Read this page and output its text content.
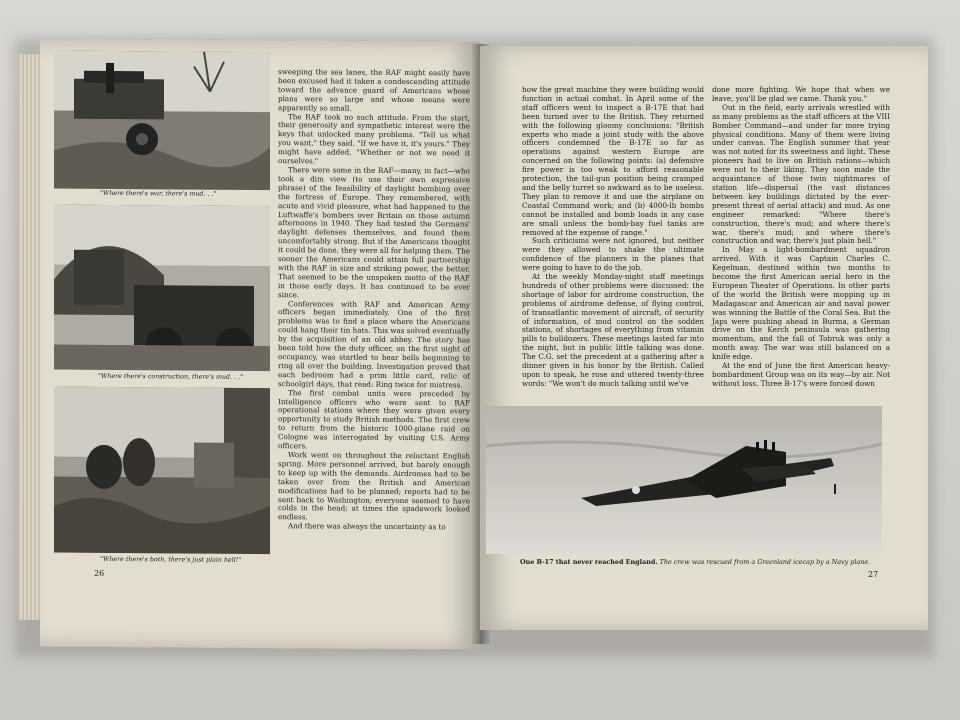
"Where there's war, there's mud. . ."
"Where there's construction, there's mud. . ."
"Where there's both, there's just plain hell!"

sweeping the sea lanes, the RAF might easily have been excused had it taken a condescending attitude toward the advance guard of Americans whose plans were so large and whose means were apparently so small.

The RAF took no such attitude. From the start, their generosity and sympathetic interest were the keys that unlocked many problems. "Tell us what you want," they said. "If we have it, it's yours." They might have added, "Whether or not we need it ourselves."

There were some in the RAF—many, in fact—who took a dim view (to use their own expressive phrase) of the feasibility of daylight bombing over the fortress of Europe. They remembered, with acute and vivid pleasure, what had happened to the Luftwaffe's bombers over Britain on those autumn afternoons in 1940. They had tested the Germans' daylight defenses themselves, and found them uncomfortably strong. But if the Americans thought it could be done, they were all for helping them. The sooner the Americans could attain full partnership with the RAF in size and striking power, the better. That seemed to be the unspoken motto of the RAF in those early days. It has continued to be ever since.

Conferences with RAF and American Army officers began immediately. One of the first problems was to find a place where the Americans could hang their tin hats. This was solved eventually by the acquisition of an old abbey. The story has been told how the duty officer, on the first night of occupancy, was startled to hear bells beginning to ring all over the building. Investigation proved that each bedroom had a prim little card, relic of schoolgirl days, that read: Ring twice for mistress.

The first combat units were preceded by Intelligence officers who were sent to RAF operational stations where they were given every opportunity to study British methods. The first crew to return from the historic 1000-plane raid on Cologne was interrogated by visiting U.S. Army officers.

Work went on throughout the reluctant English spring. More personnel arrived, but barely enough to keep up with the demands. Airdromes had to be taken over from the British and American modifications had to be planned; reports had to be sent back to Washington; everyone seemed to have colds in the head; at times the spadework looked endless.

And there was always the uncertainty as to

26

how the great machine they were building would function in actual combat. In April some of the staff officers went to inspect a B-17E that had been turned over to the British. They returned with the following gloomy conclusions: "British experts who made a joint study with the above officers condemned the B-17E so far as operations against western Europe are concerned on the following points: (a) defensive fire power is too weak to afford reasonable protection, the tail-gun position being cramped and the belly turret so awkward as to be useless. They plan to remove it and use the airplane on Coastal Command work; and (b) 4000-lb bombs cannot be installed and bomb loads in any case are small unless the bomb-bay fuel tanks are removed at the expense of range."

Such criticisms were not ignored, but neither were they allowed to shake the ultimate confidence of the planners in the planes that were going to have to do the job.

At the weekly Monday-night staff meetings hundreds of other problems were discussed: the shortage of labor for airdrome construction, the problems of airdrome defense, of flying control, of transatlantic movement of aircraft, of security of information, of mud control on the sodden stations, of shortages of everything from vitamin pills to bulldozers. These meetings lasted far into the night, but in public little talking was done. The C.G. set the precedent at a gathering after a dinner given in his honor by the British. Called upon to speak, he rose and uttered twenty-three words: "We won't do much talking until we've

done more fighting. We hope that when we leave, you'll be glad we came. Thank you."

Out in the field, early arrivals wrestled with as many problems as the staff officers at the VIII Bomber Command—and under far more trying physical conditions. Many of them were living under canvas. The English summer that year was not noted for its sweetness and light. These pioneers had to live on British rations—which were not to their liking. They soon made the acquaintance of those twin nightmares of station life—dispersal (the vast distances between key buildings dictated by the ever-present threat of aerial attack) and mud. As one engineer remarked: "Where there's construction, there's mud; and where there's war, there's mud; and where there's construction and war, there's just plain hell."

In May a light-bombardment squadron arrived. With it was Captain Charles C. Kegelman, destined within two months to become the first American aerial hero in the European Theater of Operations. In other parts of the world the British were mopping up in Madagascar and American air and naval power was winning the Battle of the Coral Sea. But the Japs were pushing ahead in Burma, a German drive on the Kerch peninsula was gathering momentum, and the fall of Tobruk was only a month away. The war was still balanced on a knife edge.

At the end of June the first American heavy-bombardment Group was on its way—by air. Not without loss. Three B-17's were forced down

One B-17 that never reached England. The crew was rescued from a Greenland icecap by a Navy plane.
27
